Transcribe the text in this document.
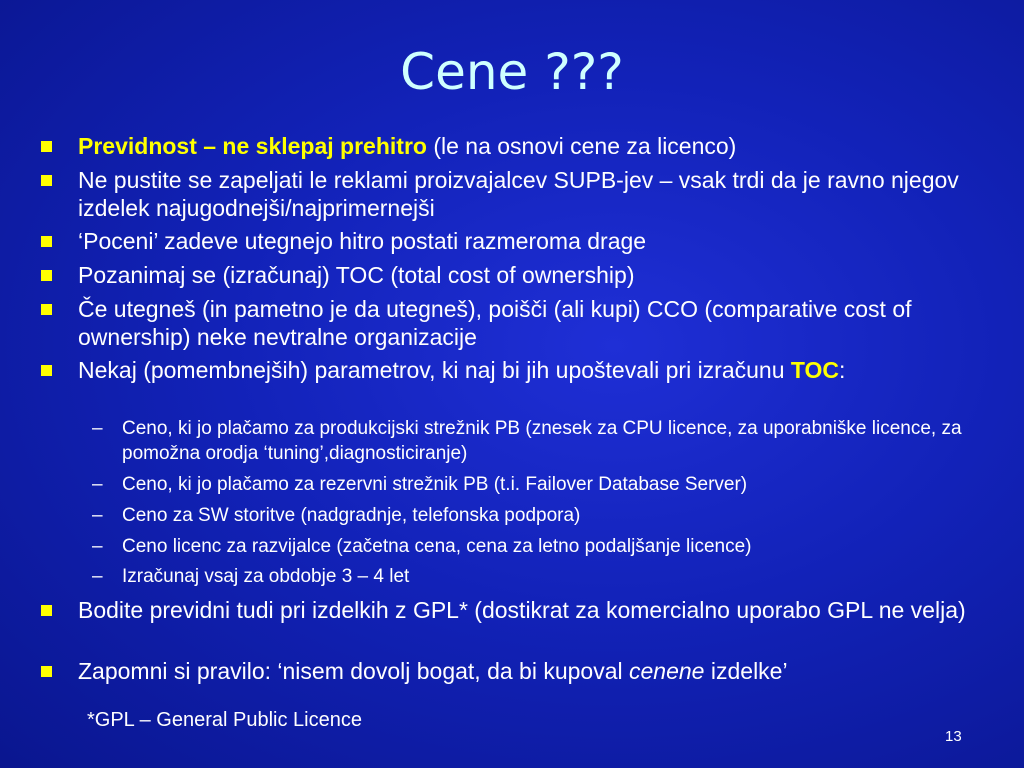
Cene ???
Previdnost – ne sklepaj prehitro (le na osnovi cene za licenco)
Ne pustite se zapeljati le reklami proizvajalcev SUPB-jev – vsak trdi da je ravno njegov izdelek najugodnejši/najprimernejši
‘Poceni’ zadeve utegnejo hitro postati razmeroma drage
Pozanimaj se (izračunaj) TOC (total cost of ownership)
Če utegneš (in pametno je da utegneš), poišči (ali kupi) CCO (comparative cost of ownership) neke nevtralne organizacije
Nekaj (pomembnejših) parametrov, ki naj bi jih upoštevali pri izračunu TOC:
–	Ceno, ki jo plačamo za produkcijski strežnik PB (znesek za CPU licence, za uporabniške licence, za pomožna orodja ‘tuning’,diagnosticiranje)
–	Ceno, ki jo plačamo za rezervni strežnik PB (t.i. Failover Database Server)
–	Ceno za SW storitve (nadgradnje, telefonska podpora)
–	Ceno licenc za razvijalce (začetna cena, cena za letno podaljšanje licence)
–	Izračunaj vsaj za obdobje 3 – 4 let
Bodite previdni tudi pri izdelkih z GPL* (dostikrat za komercialno uporabo GPL ne velja)
Zapomni si pravilo: ‘nisem dovolj bogat, da bi kupoval cenene izdelke’
*GPL – General Public Licence
13
